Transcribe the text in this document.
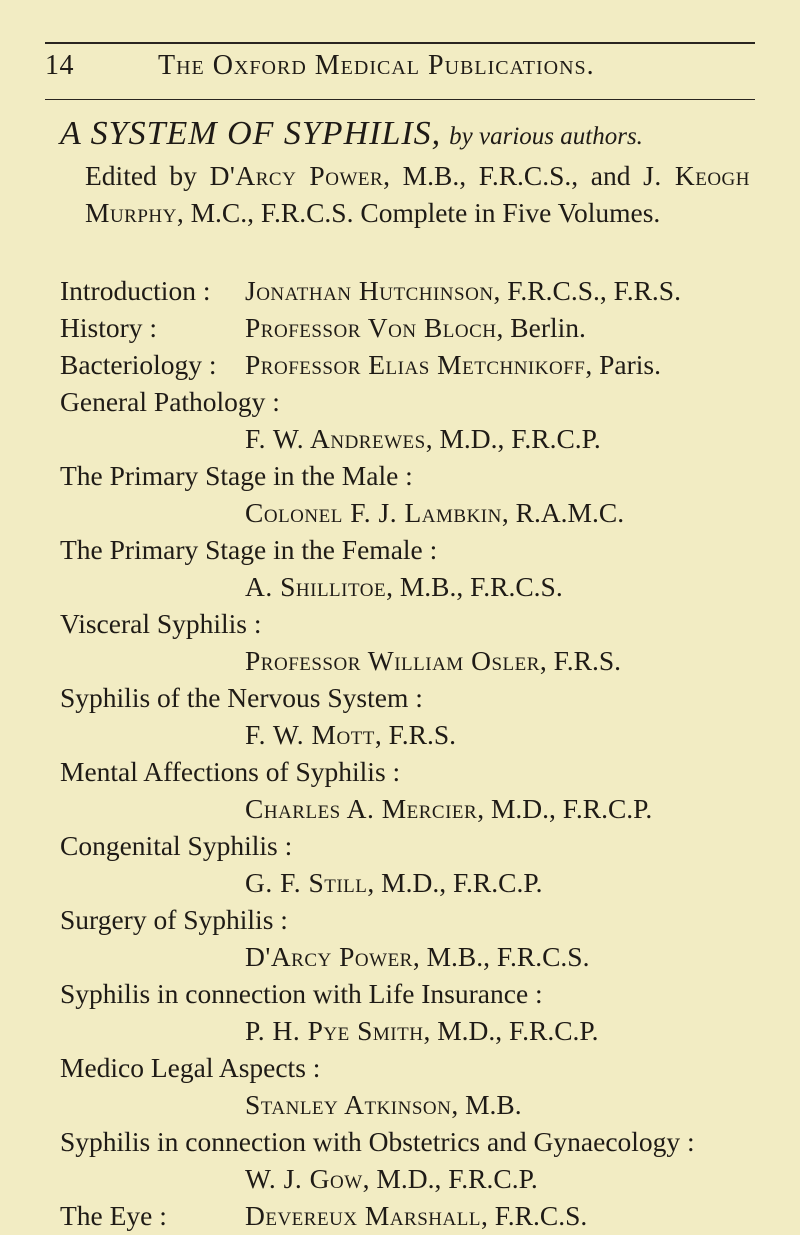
14	The Oxford Medical Publications.
A SYSTEM OF SYPHILIS, by various authors.
Edited by D'Arcy Power, M.B., F.R.C.S., and J. Keogh Murphy, M.C., F.R.C.S. Complete in Five Volumes.
Introduction : Jonathan Hutchinson, F.R.C.S., F.R.S.
History :	Professor Von Bloch, Berlin.
Bacteriology : Professor Elias Metchnikoff, Paris.
General Pathology :
F. W. Andrewes, M.D., F.R.C.P.
The Primary Stage in the Male :
Colonel F. J. Lambkin, R.A.M.C.
The Primary Stage in the Female :
A. Shillitoe, M.B., F.R.C.S.
Visceral Syphilis :
Professor William Osler, F.R.S.
Syphilis of the Nervous System :
F. W. Mott, F.R.S.
Mental Affections of Syphilis :
Charles A. Mercier, M.D., F.R.C.P.
Congenital Syphilis :
G. F. Still, M.D., F.R.C.P.
Surgery of Syphilis :
D'Arcy Power, M.B., F.R.C.S.
Syphilis in connection with Life Insurance :
P. H. Pye Smith, M.D., F.R.C.P.
Medico Legal Aspects :
Stanley Atkinson, M.B.
Syphilis in connection with Obstetrics and Gynaecology :
W. J. Gow, M.D., F.R.C.P.
The Eye :	Devereux Marshall, F.R.C.S.
